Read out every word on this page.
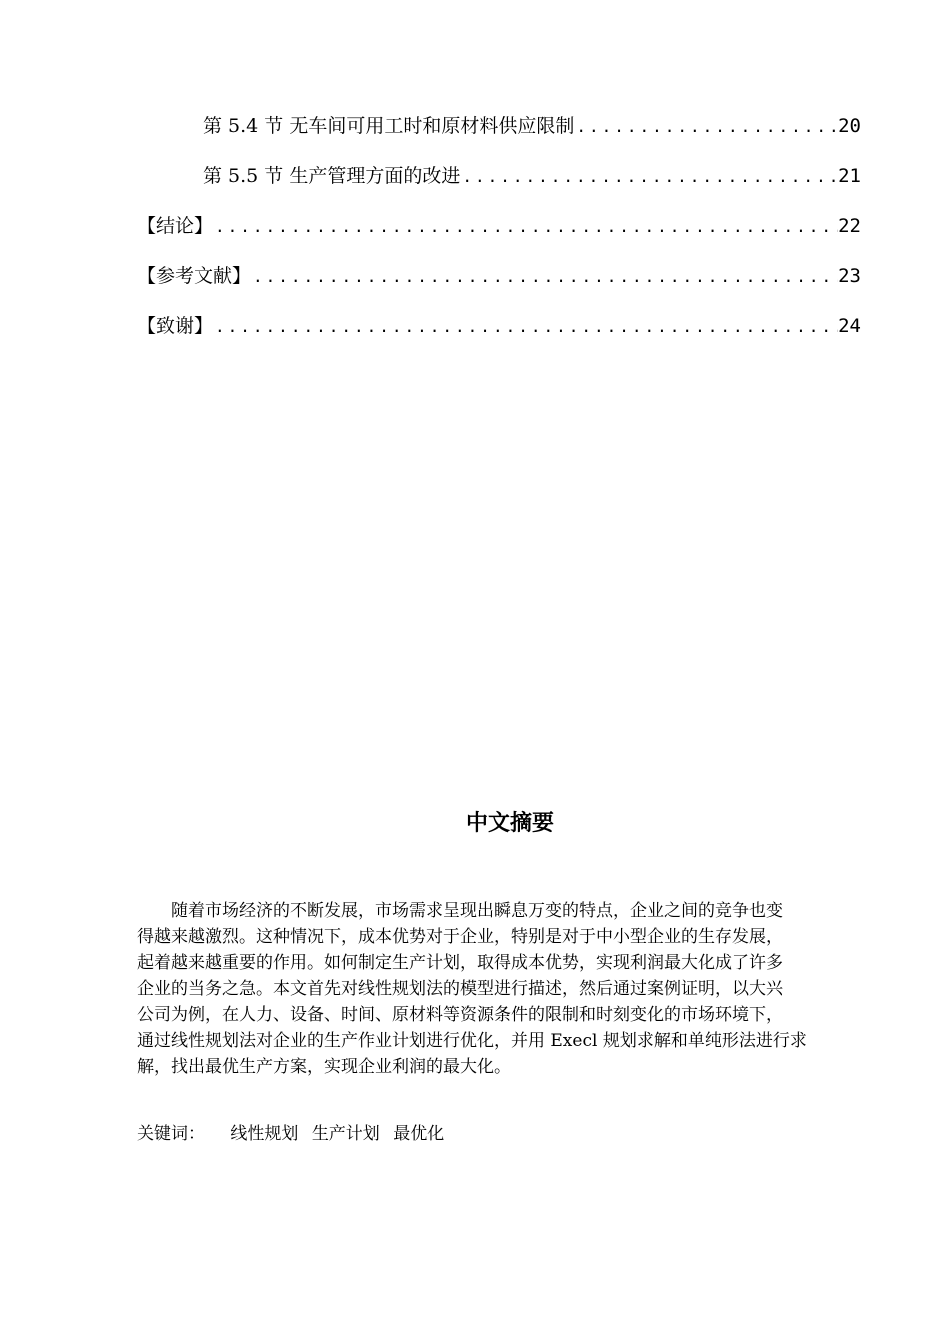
第 5.4 节 无车间可用工时和原材料供应限制 .....	20
第 5.5 节 生产管理方面的改进 .....	21
【结论】 .....	22
【参考文献】 .....	23
【致谢】 .....	24
中文摘要
随着市场经济的不断发展，市场需求呈现出瞬息万变的特点，企业之间的竞争也变
得越来越激烈。这种情况下，成本优势对于企业，特别是对于中小型企业的生存发展，
起着越来越重要的作用。如何制定生产计划，取得成本优势，实现利润最大化成了许多
企业的当务之急。本文首先对线性规划法的模型进行描述，然后通过案例证明，以大兴
公司为例，在人力、设备、时间、原材料等资源条件的限制和时刻变化的市场环境下，
通过线性规划法对企业的生产作业计划进行优化，并用 Execl 规划求解和单纯形法进行求
解，找出最优生产方案，实现企业利润的最大化。
关键词： 线性规划 生产计划 最优化
